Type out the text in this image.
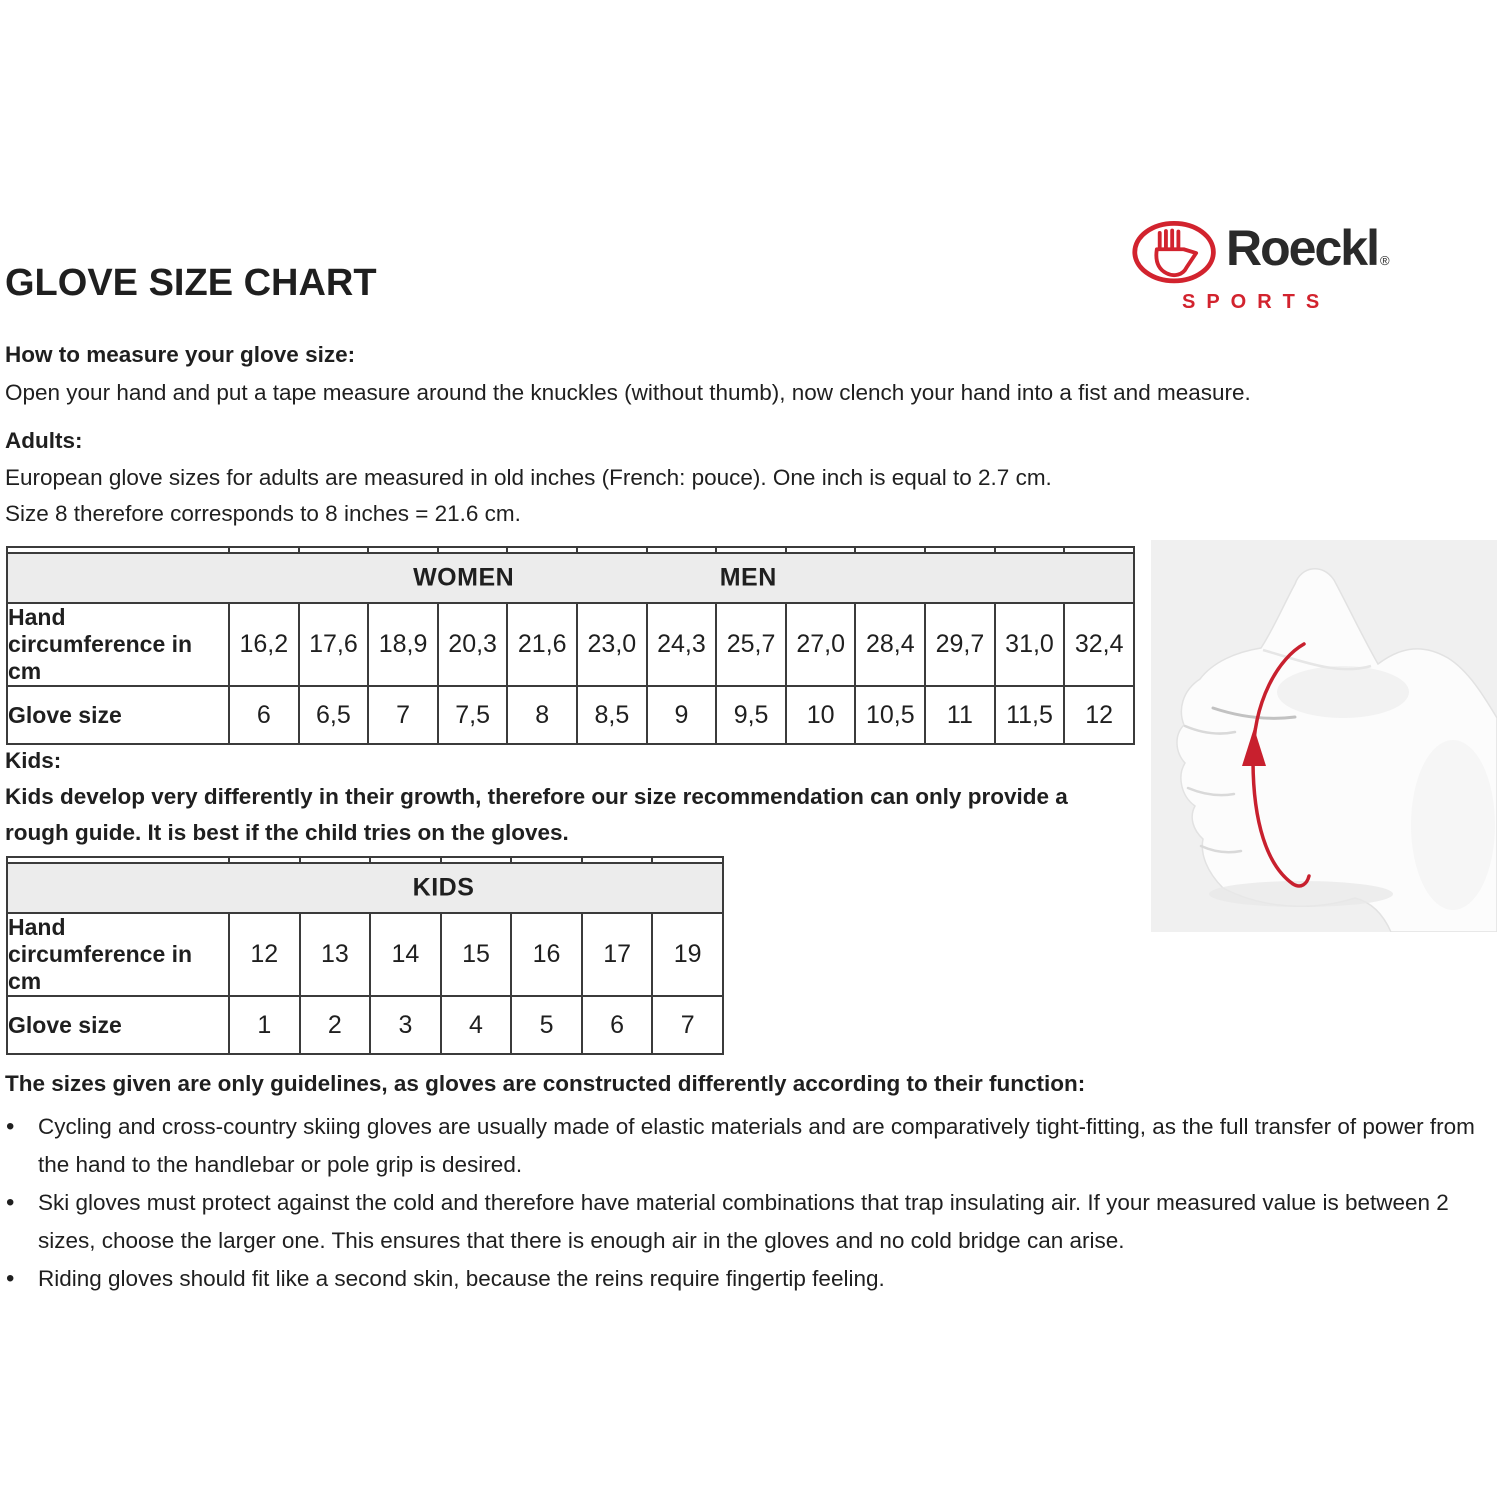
Roeckl ®
SPORTS
GLOVE SIZE CHART

How to measure your glove size:

Open your hand and put a tape measure around the knuckles (without thumb), now clench your hand into a fist and measure.

Adults:

European glove sizes for adults are measured in old inches (French: pouce). One inch is equal to 2.7 cm.

Size 8 therefore corresponds to 8 inches = 21.6 cm.

WOMEN MEN													

Hand circumference in cm	16,2	17,6	18,9	20,3	21,6	23,0	24,3	25,7	27,0	28,4	29,7	31,0	32,4
Glove size	6	6,5	7	7,5	8	8,5	9	9,5	10	10,5	11	11,5	12

Kids:

Kids develop very differently in their growth, therefore our size recommendation can only provide a rough guide. It is best if the child tries on the gloves.

KIDS							

Hand circumference in cm	12	13	14	15	16	17	19
Glove size	1	2	3	4	5	6	7

The sizes given are only guidelines, as gloves are constructed differently according to their function:

•	Cycling and cross-country skiing gloves are usually made of elastic materials and are comparatively tight-fitting, as the full transfer of power from the hand to the handlebar or pole grip is desired.

•	Ski gloves must protect against the cold and therefore have material combinations that trap insulating air. If your measured value is between 2 sizes, choose the larger one. This ensures that there is enough air in the gloves and no cold bridge can arise.

•	Riding gloves should fit like a second skin, because the reins require fingertip feeling.
